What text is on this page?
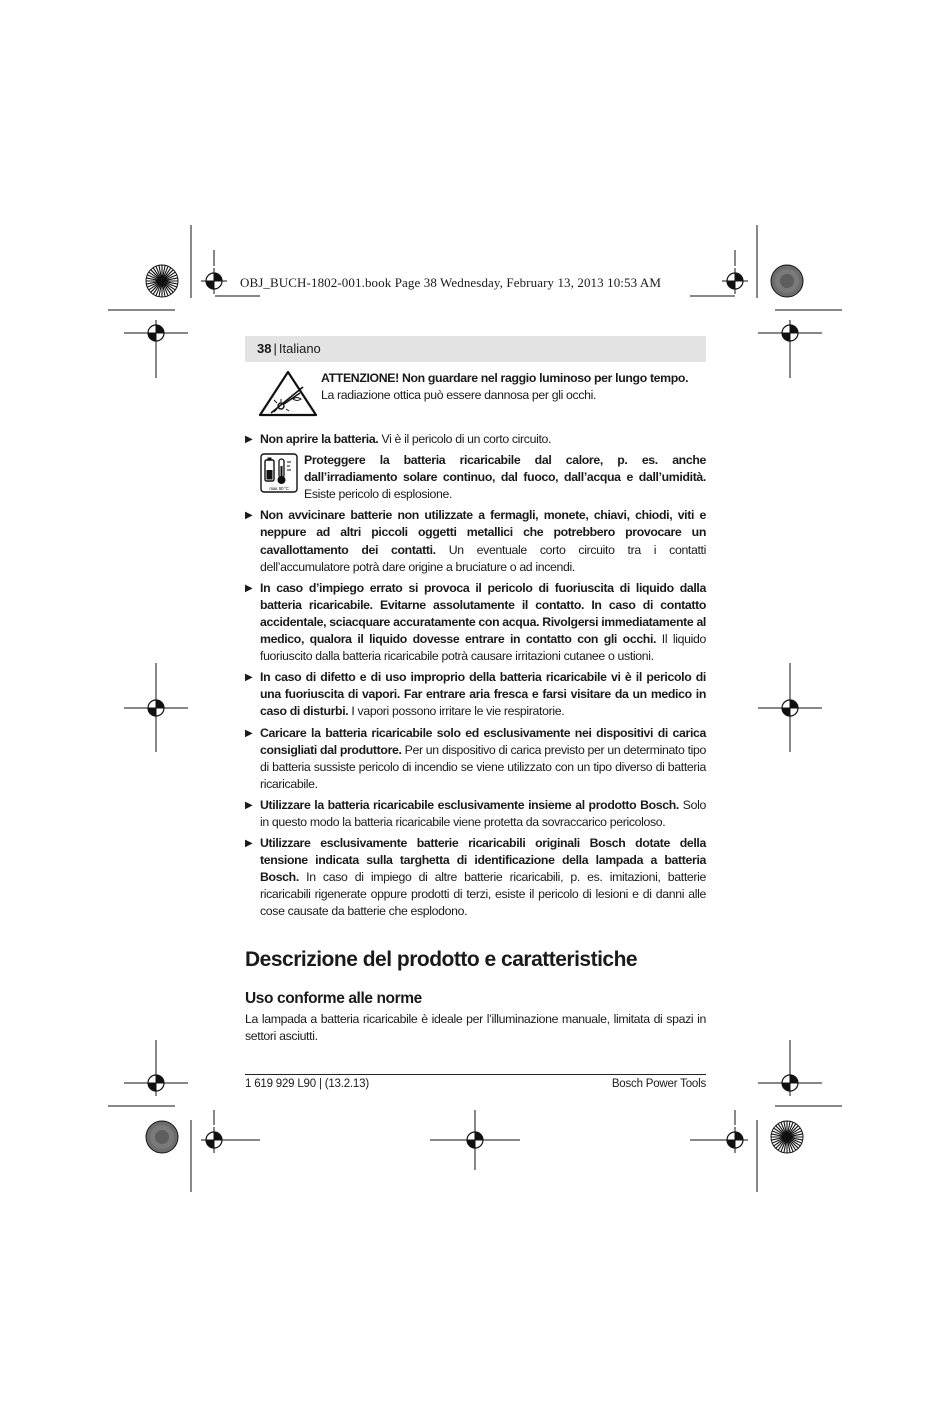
OBJ_BUCH-1802-001.book Page 38 Wednesday, February 13, 2013 10:53 AM
38 | Italiano
ATTENZIONE! Non guardare nel raggio luminoso per lungo tempo.
La radiazione ottica può essere dannosa per gli occhi.
▶ Non aprire la batteria. Vi è il pericolo di un corto circuito.
max. 50 °C
Proteggere la batteria ricaricabile dal calore, p. es. anche dall’irradiamento solare continuo, dal fuoco, dall’acqua e dall’umidità. Esiste pericolo di esplosione.
▶ Non avvicinare batterie non utilizzate a fermagli, monete, chiavi, chiodi, viti e neppure ad altri piccoli oggetti metallici che potrebbero provocare un cavallottamento dei contatti. Un eventuale corto circuito tra i contatti dell’accumulatore potrà dare origine a bruciature o ad incendi.
▶ In caso d’impiego errato si provoca il pericolo di fuoriuscita di liquido dalla batteria ricaricabile. Evitarne assolutamente il contatto. In caso di contatto accidentale, sciacquare accuratamente con acqua. Rivolgersi immediatamente al medico, qualora il liquido dovesse entrare in contatto con gli occhi. Il liquido fuoriuscito dalla batteria ricaricabile potrà causare irritazioni cutanee o ustioni.
▶ In caso di difetto e di uso improprio della batteria ricaricabile vi è il pericolo di una fuoriuscita di vapori. Far entrare aria fresca e farsi visitare da un medico in caso di disturbi. I vapori possono irritare le vie respiratorie.
▶ Caricare la batteria ricaricabile solo ed esclusivamente nei dispositivi di carica consigliati dal produttore. Per un dispositivo di carica previsto per un determinato tipo di batteria sussiste pericolo di incendio se viene utilizzato con un tipo diverso di batteria ricaricabile.
▶ Utilizzare la batteria ricaricabile esclusivamente insieme al prodotto Bosch. Solo in questo modo la batteria ricaricabile viene protetta da sovraccarico pericoloso.
▶ Utilizzare esclusivamente batterie ricaricabili originali Bosch dotate della tensione indicata sulla targhetta di identificazione della lampada a batteria Bosch. In caso di impiego di altre batterie ricaricabili, p. es. imitazioni, batterie ricaricabili rigenerate oppure prodotti di terzi, esiste il pericolo di lesioni e di danni alle cose causate da batterie che esplodono.
Descrizione del prodotto e caratteristiche
Uso conforme alle norme
La lampada a batteria ricaricabile è ideale per l’illuminazione manuale, limitata di spazi in settori asciutti.
1 619 929 L90 | (13.2.13)	Bosch Power Tools
